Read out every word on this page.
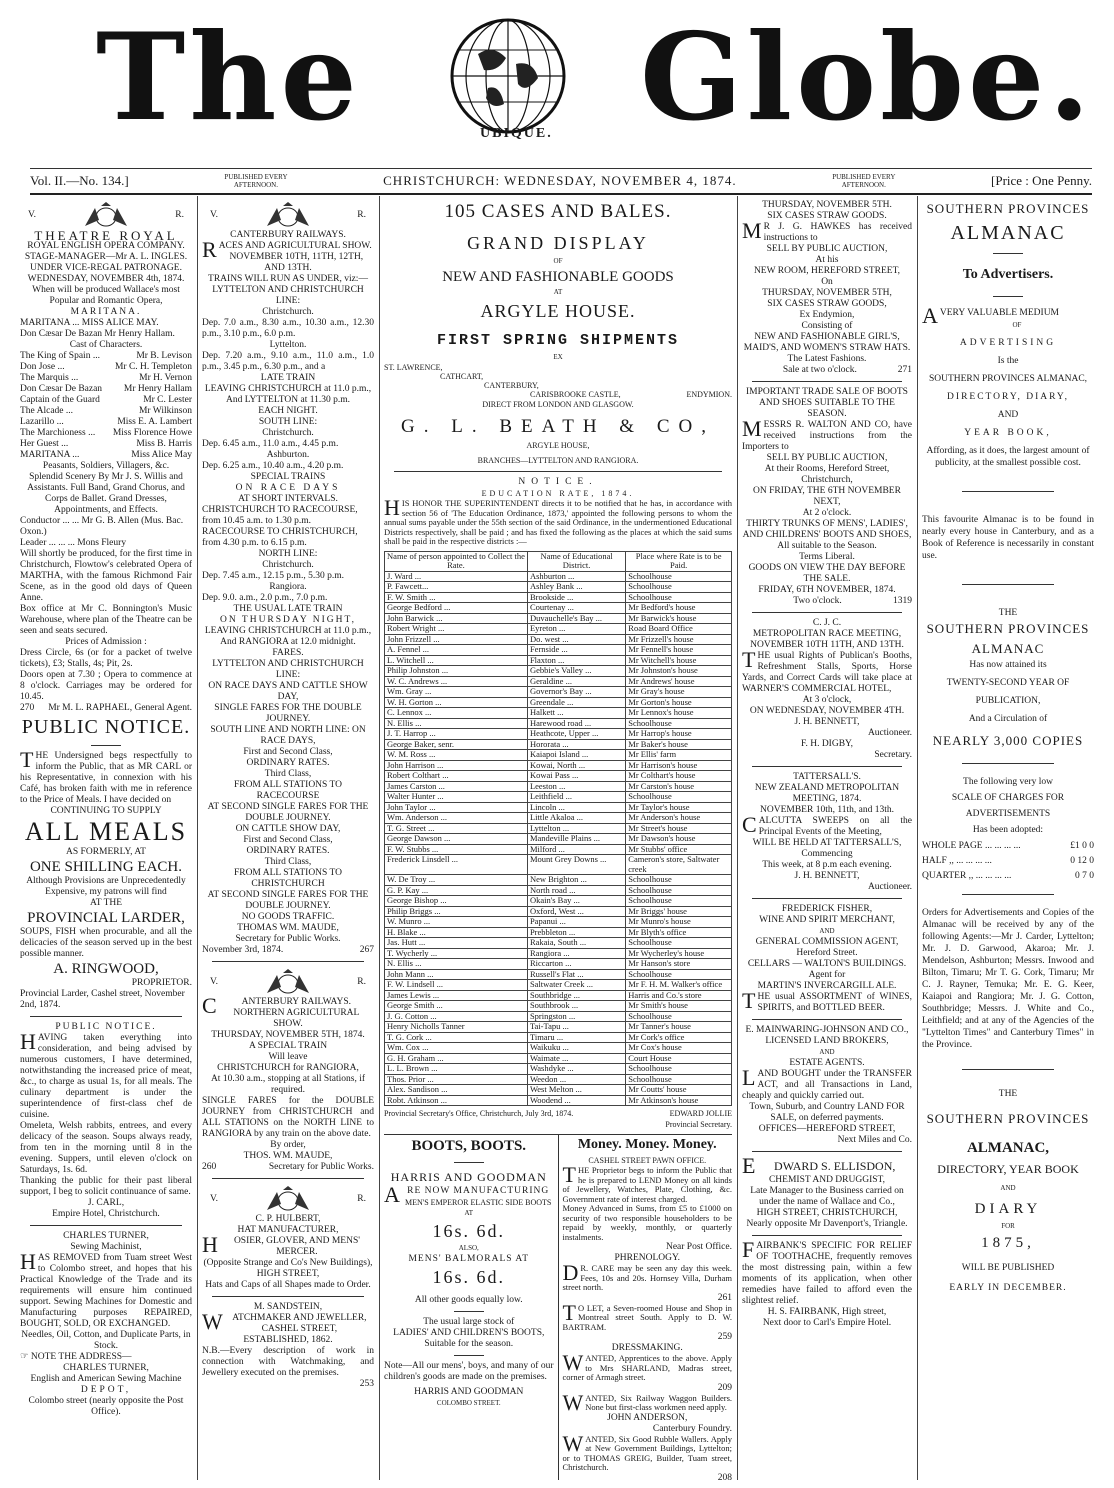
The	UBIQUE. Globe.
Vol. II.—No. 134.]	PUBLISHED EVERY AFTERNOON.	CHRISTCHURCH: WEDNESDAY, NOVEMBER 4, 1874.	PUBLISHED EVERY AFTERNOON.	[Price : One Penny.
V.	R.
THEATRE ROYAL
ROYAL ENGLISH OPERA COMPANY.
STAGE-MANAGER—Mr A. L. INGLES.
UNDER VICE-REGAL PATRONAGE.
WEDNESDAY, NOVEMBER 4th, 1874.
When will be produced Wallace's most Popular and Romantic Opera,
MARITANA.
MARITANA ... MISS ALICE MAY.
Don Cæsar De Bazan Mr Henry Hallam.
Cast of Characters.
The King of Spain ...	Mr B. Levison
Don Jose ...	Mr C. H. Templeton
The Marquis ...	Mr H. Vernon
Don Cæsar De Bazan Mr Henry Hallam
Captain of the Guard	Mr C. Lester
The Alcade ...	Mr Wilkinson
Lazarillo ...	Miss E. A. Lambert
The Marchioness ... Miss Florence Howe
Her Guest ...	Miss B. Harris
MARITANA ...	Miss Alice May
Peasants, Soldiers, Villagers, &c.
Splendid Scenery By Mr J. S. Willis and Assistants. Full Band, Grand Chorus, and Corps de Ballet. Grand Dresses, Appointments, and Effects.
Conductor ... ... Mr G. B. Allen (Mus. Bac. Oxon.)
Leader ... ... ... Mons Fleury
Will shortly be produced, for the first time in Christchurch, Flowtow's celebrated Opera of MARTHA, with the famous Richmond Fair Scene, as in the good old days of Queen Anne.
Box office at Mr C. Bonnington's Music Warehouse, where plan of the Theatre can be seen and seats secured.
Prices of Admission :
Dress Circle, 6s (or for a packet of twelve tickets), £3; Stalls, 4s; Pit, 2s.
Doors open at 7.30 ; Opera to commence at 8 o'clock. Carriages may be ordered for 10.45.
270 Mr M. L. RAPHAEL, General Agent.
PUBLIC NOTICE.
THE Undersigned begs respectfully to inform the Public, that as MR CARL or his Representative, in connexion with his Café, has broken faith with me in reference to the Price of Meals. I have decided on
CONTINUING TO SUPPLY
ALL MEALS
AS FORMERLY, AT
ONE SHILLING EACH.
Although Provisions are Unprecedentedly Expensive, my patrons will find
AT THE
PROVINCIAL LARDER,
SOUPS, FISH when procurable, and all the delicacies of the season served up in the best possible manner.
A. RINGWOOD,
PROPRIETOR.
Provincial Larder, Cashel street, November 2nd, 1874.
PUBLIC NOTICE.
HAVING taken everything into consideration, and being advised by numerous customers, I have determined, notwithstanding the increased price of meat, &c., to charge as usual 1s, for all meals. The culinary department is under the superintendence of first-class chef de cuisine.
Omeleta, Welsh rabbits, entrees, and every delicacy of the season. Soups always ready, from ten in the morning until 8 in the evening. Suppers, until eleven o'clock on Saturdays, 1s. 6d.
Thanking the public for their past liberal support, I beg to solicit continuance of same.
J. CARL,
Empire Hotel, Christchurch.
CHARLES TURNER,
Sewing Machinist,
HAS REMOVED from Tuam street West to Colombo street, and hopes that his Practical Knowledge of the Trade and its requirements will ensure him continued support. Sewing Machines for Domestic and Manufacturing purposes REPAIRED, BOUGHT, SOLD, OR EXCHANGED.
Needles, Oil, Cotton, and Duplicate Parts, in Stock.
☞ NOTE THE ADDRESS—
CHARLES TURNER,
English and American Sewing Machine
DEPOT,
Colombo street (nearly opposite the Post Office).
V.	R.
CANTERBURY RAILWAYS.
RACES AND AGRICULTURAL SHOW.
NOVEMBER 10TH, 11TH, 12TH, AND 13TH.
TRAINS WILL RUN AS UNDER, viz:—
LYTTELTON AND CHRISTCHURCH LINE:
Christchurch.
Dep. 7.0 a.m., 8.30 a.m., 10.30 a.m., 12.30 p.m., 3.10 p.m., 6.0 p.m.
Lyttelton.
Dep. 7.20 a.m., 9.10 a.m., 11.0 a.m., 1.0 p.m., 3.45 p.m., 6.30 p.m., and a
LATE TRAIN
LEAVING CHRISTCHURCH at 11.0 p.m., And LYTTELTON at 11.30 p.m.
EACH NIGHT.
SOUTH LINE:
Christchurch.
Dep. 6.45 a.m., 11.0 a.m., 4.45 p.m.
Ashburton.
Dep. 6.25 a.m., 10.40 a.m., 4.20 p.m.
SPECIAL TRAINS
ON RACE DAYS
AT SHORT INTERVALS.
CHRISTCHURCH TO RACECOURSE, from 10.45 a.m. to 1.30 p.m.
RACECOURSE TO CHRISTCHURCH, from 4.30 p.m. to 6.15 p.m.
NORTH LINE:
Christchurch.
Dep. 7.45 a.m., 12.15 p.m., 5.30 p.m.
Rangiora.
Dep. 9.0. a.m., 2.0 p.m., 7.0 p.m.
THE USUAL LATE TRAIN
ON THURSDAY NIGHT,
LEAVING CHRISTCHURCH at 11.0 p.m., And RANGIORA at 12.0 midnight.
FARES.
LYTTELTON AND CHRISTCHURCH LINE:
ON RACE DAYS AND CATTLE SHOW DAY,
SINGLE FARES FOR THE DOUBLE JOURNEY.
SOUTH LINE AND NORTH LINE: ON RACE DAYS,
First and Second Class,
ORDINARY RATES.
Third Class,
FROM ALL STATIONS TO RACECOURSE
AT SECOND SINGLE FARES FOR THE DOUBLE JOURNEY.
ON CATTLE SHOW DAY,
First and Second Class,
ORDINARY RATES.
Third Class,
FROM ALL STATIONS TO CHRISTCHURCH
AT SECOND SINGLE FARES FOR THE DOUBLE JOURNEY.
NO GOODS TRAFFIC.
THOMAS WM. MAUDE,
Secretary for Public Works.
November 3rd, 1874.	267
V.	R.
CANTERBURY RAILWAYS.
NORTHERN AGRICULTURAL SHOW.
THURSDAY, NOVEMBER 5TH, 1874.
A SPECIAL TRAIN
Will leave
CHRISTCHURCH for RANGIORA,
At 10.30 a.m., stopping at all Stations, if required.
SINGLE FARES for the DOUBLE JOURNEY from CHRISTCHURCH and ALL STATIONS on the NORTH LINE to RANGIORA by any train on the above date.
By order,
THOS. WM. MAUDE,
260	Secretary for Public Works.
V.	R.
C. P. HULBERT,
HAT MANUFACTURER,
HOSIER, GLOVER, AND MENS' MERCER.
(Opposite Strange and Co's New Buildings),
HIGH STREET,
Hats and Caps of all Shapes made to Order.
M. SANDSTEIN,
WATCHMAKER AND JEWELLER,
CASHEL STREET,
ESTABLISHED, 1862.
N.B.—Every description of work in connection with Watchmaking, and Jewellery executed on the premises.
253
105 CASES AND BALES.
GRAND DISPLAY
OF
NEW AND FASHIONABLE GOODS
AT
ARGYLE HOUSE.
FIRST SPRING SHIPMENTS
EX
ST. LAWRENCE,
CATHCART,
CANTERBURY,
CARISBROOKE CASTLE,	ENDYMION.
DIRECT FROM LONDON AND GLASGOW.
G. L. BEATH & CO,
ARGYLE HOUSE,
BRANCHES—LYTTELTON AND RANGIORA.
NOTICE.
EDUCATION RATE, 1874.
HIS HONOR THE SUPERINTENDENT directs it to be notified that he has, in accordance with section 56 of 'The Education Ordinance, 1873,' appointed the following persons to whom the annual sums payable under the 55th section of the said Ordinance, in the undermentioned Educational Districts respectively, shall be paid ; and has fixed the following as the places at which the said sums shall be paid in the respective districts :—
Name of person appointed to Collect the Rate.	Name of Educational District.	Place where Rate is to be Paid.
J. Ward ...	Ashburton ...	Schoolhouse
P. Fawcett...	Ashley Bank ...	Schoolhouse
F. W. Smith ...	Brookside ...	Schoolhouse
George Bedford ...	Courtenay ...	Mr Bedford's house
John Barwick ...	Duvauchelle's Bay ...	Mr Barwick's house
Robert Wright ...	Eyreton ...	Road Board Office
John Frizzell ...	Do. west ...	Mr Frizzell's house
A. Fennel ...	Fernside ...	Mr Fennell's house
L. Witchell ...	Flaxton ...	Mr Witchell's house
Philip Johnston ...	Gebbie's Valley ...	Mr Johnston's house
W. C. Andrews ...	Geraldine ...	Mr Andrews' house
Wm. Gray ...	Governor's Bay ...	Mr Gray's house
W. H. Gorton ...	Greendale ...	Mr Gorton's house
C. Lennox ...	Halkett ...	Mr Lennox's house
N. Ellis ...	Harewood road ...	Schoolhouse
J. T. Harrop ...	Heathcote, Upper ...	Mr Harrop's house
George Baker, senr.	Hororata ...	Mr Baker's house
W. M. Ross ...	Kaiapoi Island ...	Mr Ellis' farm
John Harrison ...	Kowai, North ...	Mr Harrison's house
Robert Colthart ...	Kowai Pass ...	Mr Colthart's house
James Carston ...	Leeston ...	Mr Carston's house
Walter Hunter ...	Leithfield ...	Schoolhouse
John Taylor ...	Lincoln ...	Mr Taylor's house
Wm. Anderson ...	Little Akaloa ...	Mr Anderson's house
T. G. Street ...	Lyttelton ...	Mr Street's house
George Dawson ...	Mandeville Plains ...	Mr Dawson's house
F. W. Stubbs ...	Milford ...	Mr Stubbs' office
Frederick Linsdell ...	Mount Grey Downs ...	Cameron's store, Saltwater creek
W. De Troy ...	New Brighton ...	Schoolhouse
G. P. Kay ...	North road ...	Schoolhouse
George Bishop ...	Okain's Bay ...	Schoolhouse
Philip Briggs ...	Oxford, West ...	Mr Briggs' house
W. Munro ...	Papanui ...	Mr Munro's house
H. Blake ...	Prebbleton ...	Mr Blyth's office
Jas. Hutt ...	Rakaia, South ...	Schoolhouse
T. Wycherly ...	Rangiora ...	Mr Wycherley's house
N. Ellis ...	Riccarton ...	Mr Hanson's store
John Mann ...	Russell's Flat ...	Schoolhouse
F. W. Lindsell ...	Saltwater Creek ...	Mr F. H. M. Walker's office
James Lewis ...	Southbridge ...	Harris and Co.'s store
George Smith ...	Southbrook ...	Mr Smith's house
J. G. Cotton ...	Springston ...	Schoolhouse
Henry Nicholls Tanner	Tai-Tapu ...	Mr Tanner's house
T. G. Cork ...	Timaru ...	Mr Cork's office
Wm. Cox ...	Waikuku ...	Mr Cox's house
G. H. Graham ...	Waimate ...	Court House
L. L. Brown ...	Washdyke ...	Schoolhouse
Thos. Prior ...	Weedon ...	Schoolhouse
Alex. Sandison ...	West Melton ...	Mr Coutts' house
Robt. Atkinson ...	Woodend ...	Mr Atkinson's house
Provincial Secretary's Office, Christchurch, July 3rd, 1874.	EDWARD JOLLIE
Provincial Secretary.
BOOTS, BOOTS.
HARRIS AND GOODMAN
ARE NOW MANUFACTURING
MEN'S EMPEROR ELASTIC SIDE BOOTS
AT
16s. 6d.
ALSO,
MENS' BALMORALS AT
16s. 6d.
All other goods equally low.
The usual large stock of
LADIES' AND CHILDREN'S BOOTS,
Suitable for the season.
Note—All our mens', boys, and many of our children's goods are made on the premises.
HARRIS AND GOODMAN
COLOMBO STREET.
Money. Money. Money.
CASHEL STREET PAWN OFFICE.
THE Proprietor begs to inform the Public that he is prepared to LEND Money on all kinds of Jewellery, Watches, Plate, Clothing, &c. Government rate of interest charged.
Money Advanced in Sums, from £5 to £1000 on security of two responsible householders to be repaid by weekly, monthly, or quarterly instalments.
Near Post Office.
PHRENOLOGY.
DR. CARE may be seen any day this week. Fees, 10s and 20s. Hornsey Villa, Durham street north.
261
TO LET, a Seven-roomed House and Shop in Montreal street South. Apply to D. W. BARTRAM.
259
DRESSMAKING.
WANTED, Apprentices to the above. Apply to Mrs SHARLAND, Madras street, corner of Armagh street.
209
WANTED, Six Railway Waggon Builders. None but first-class workmen need apply.
JOHN ANDERSON,
Canterbury Foundry.
WANTED, Six Good Rubble Wallers. Apply at New Government Buildings, Lyttelton; or to THOMAS GREIG, Builder, Tuam street, Christchurch.
208
THURSDAY, NOVEMBER 5TH.
SIX CASES STRAW GOODS.
MR J. G. HAWKES has received instructions to
SELL BY PUBLIC AUCTION,
At his
NEW ROOM, HEREFORD STREET,
On
THURSDAY, NOVEMBER 5TH,
SIX CASES STRAW GOODS,
Ex Endymion,
Consisting of
NEW AND FASHIONABLE GIRL'S, MAID'S, AND WOMEN'S STRAW HATS.
The Latest Fashions.
Sale at two o'clock.	271
IMPORTANT TRADE SALE OF BOOTS AND SHOES SUITABLE TO THE SEASON.
MESSRS R. WALTON AND CO, have received instructions from the Importers to
SELL BY PUBLIC AUCTION,
At their Rooms, Hereford Street, Christchurch,
ON FRIDAY, THE 6TH NOVEMBER NEXT,
At 2 o'clock.
THIRTY TRUNKS OF MENS', LADIES', AND CHILDRENS' BOOTS AND SHOES,
All suitable to the Season.
Terms Liberal.
GOODS ON VIEW THE DAY BEFORE THE SALE.
FRIDAY, 6TH NOVEMBER, 1874.
Two o'clock.	1319
C. J. C.
METROPOLITAN RACE MEETING, NOVEMBER 10TH 11TH, AND 13TH.
THE usual Rights of Publican's Booths, Refreshment Stalls, Sports, Horse Yards, and Correct Cards will take place at WARNER'S COMMERCIAL HOTEL,
At 3 o'clock,
ON WEDNESDAY, NOVEMBER 4TH.
J. H. BENNETT,
Auctioneer.
F. H. DIGBY,
Secretary.
TATTERSALL'S.
NEW ZEALAND METROPOLITAN MEETING, 1874.
NOVEMBER 10th, 11th, and 13th.
CALCUTTA SWEEPS on all the Principal Events of the Meeting,
WILL BE HELD AT TATTERSALL'S,
Commencing
This week, at 8 p.m each evening.
J. H. BENNETT,
Auctioneer.
FREDERICK FISHER,
WINE AND SPIRIT MERCHANT,
AND
GENERAL COMMISSION AGENT,
Hereford Street.
CELLARS — WALTON'S BUILDINGS.
Agent for
MARTIN'S INVERCARGILL ALE.
THE usual ASSORTMENT of WINES, SPIRITS, and BOTTLED BEER.
E. MAINWARING-JOHNSON AND CO., LICENSED LAND BROKERS,
AND
ESTATE AGENTS.
LAND BOUGHT under the TRANSFER ACT, and all Transactions in Land, cheaply and quickly carried out.
Town, Suburb, and Country LAND FOR SALE, on deferred payments.
OFFICES—HEREFORD STREET,
Next Miles and Co.
EDWARD S. ELLISDON,
CHEMIST AND DRUGGIST,
Late Manager to the Business carried on under the name of Wallace and Co.,
HIGH STREET, CHRISTCHURCH,
Nearly opposite Mr Davenport's, Triangle.
FAIRBANK'S SPECIFIC FOR RELIEF OF TOOTHACHE, frequently removes the most distressing pain, within a few moments of its application, when other remedies have failed to afford even the slightest relief.
H. S. FAIRBANK, High street,
Next door to Carl's Empire Hotel.
SOUTHERN PROVINCES
ALMANAC
To Advertisers.
AVERY VALUABLE MEDIUM
OF
ADVERTISING
Is the
SOUTHERN PROVINCES ALMANAC,
DIRECTORY, DIARY,
AND
YEAR BOOK,
Affording, as it does, the largest amount of publicity, at the smallest possible cost.
This favourite Almanac is to be found in nearly every house in Canterbury, and as a Book of Reference is necessarily in constant use.
THE
SOUTHERN PROVINCES
ALMANAC
Has now attained its
TWENTY-SECOND YEAR OF
PUBLICATION,
And a Circulation of
NEARLY 3,000 COPIES
The following very low
SCALE OF CHARGES FOR
ADVERTISEMENTS
Has been adopted:
WHOLE PAGE ... ... ... ...	£1 0 0
HALF ,, ... ... ... ...	0 12 0
QUARTER ,, ... ... ... ...	0 7 0
Orders for Advertisements and Copies of the Almanac will be received by any of the following Agents:—Mr J. Carder, Lyttelton; Mr. J. D. Garwood, Akaroa; Mr. J. Mendelson, Ashburton; Messrs. Inwood and Bilton, Timaru; Mr T. G. Cork, Timaru; Mr C. J. Rayner, Temuka; Mr. E. G. Keer, Kaiapoi and Rangiora; Mr. J. G. Cotton, Southbridge; Messrs. J. White and Co., Leithfield; and at any of the Agencies of the "Lyttelton Times" and Canterbury Times" in the Province.
THE
SOUTHERN PROVINCES
ALMANAC,
DIRECTORY, YEAR BOOK
AND
DIARY
FOR
1875,
WILL BE PUBLISHED
EARLY IN DECEMBER.
